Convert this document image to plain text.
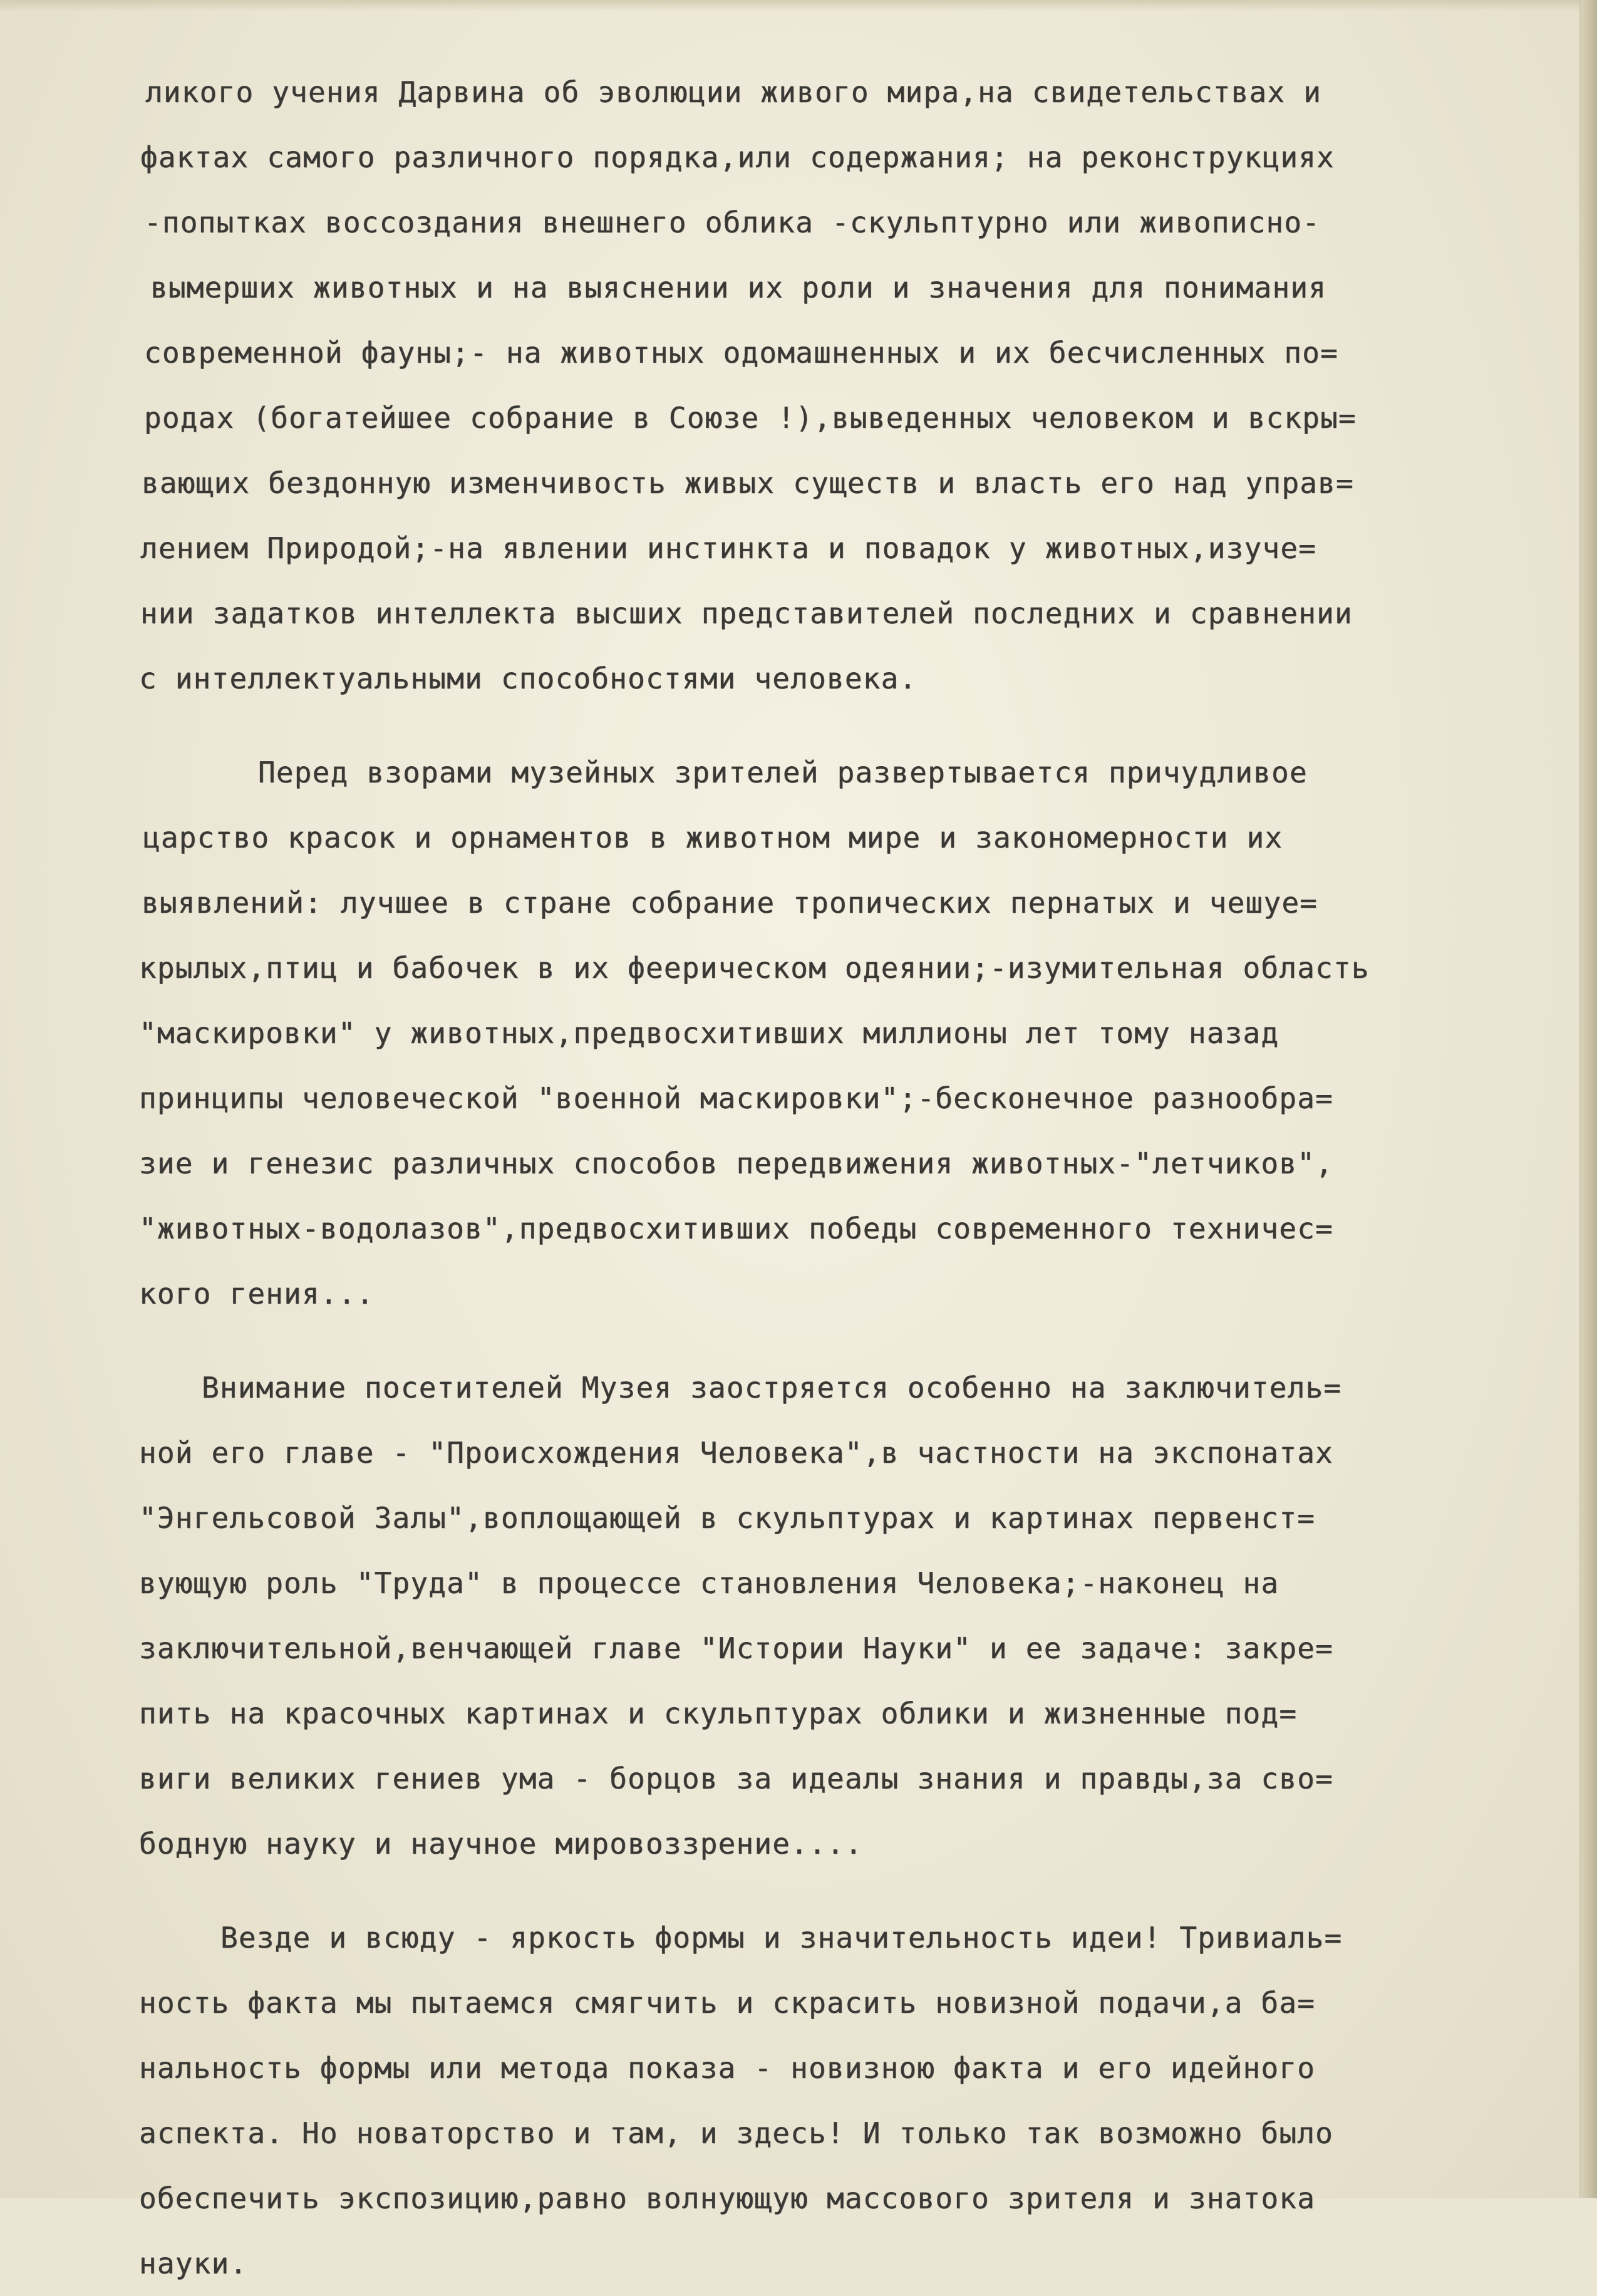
ликого учения Дарвина об эволюции живого мира,на свидетельствах и
фактах самого различного порядка,или содержания; на реконструкциях
-попытках воссоздания внешнего облика -скульптурно или живописно-
вымерших животных и на выяснении их роли и значения для понимания
современной фауны;- на животных одомашненных и их бесчисленных по=
родах (богатейшее собрание в Союзе !),выведенных человеком и вскры=
вающих бездонную изменчивость живых существ и власть его над управ=
лением Природой;-на явлении инстинкта и повадок у животных,изуче=
нии задатков интеллекта высших представителей последних и сравнении
с интеллектуальными способностями человека.
Перед взорами музейных зрителей развертывается причудливое
царство красок и орнаментов в животном мире и закономерности их
выявлений: лучшее в стране собрание тропических пернатых и чешуе=
крылых,птиц и бабочек в их феерическом одеянии;-изумительная область
"маскировки" у животных,предвосхитивших миллионы лет тому назад
принципы человеческой "военной маскировки";-бесконечное разнообра=
зие и генезис различных способов передвижения животных-"летчиков",
"животных-водолазов",предвосхитивших победы современного техничес=
кого гения...
Внимание посетителей Музея заостряется особенно на заключитель=
ной его главе - "Происхождения Человека",в частности на экспонатах
"Энгельсовой Залы",воплощающей в скульптурах и картинах первенст=
вующую роль "Труда" в процессе становления Человека;-наконец на
заключительной,венчающей главе "Истории Науки" и ее задаче: закре=
пить на красочных картинах и скульптурах облики и жизненные под=
виги великих гениев ума - борцов за идеалы знания и правды,за сво=
бодную науку и научное мировоззрение....
Везде и всюду - яркость формы и значительность идеи! Тривиаль=
ность факта мы пытаемся смягчить и скрасить новизной подачи,а ба=
нальность формы или метода показа - новизною факта и его идейного
аспекта. Но новаторство и там, и здесь! И только так возможно было
обеспечить экспозицию,равно волнующую массового зрителя и знатока
науки.
